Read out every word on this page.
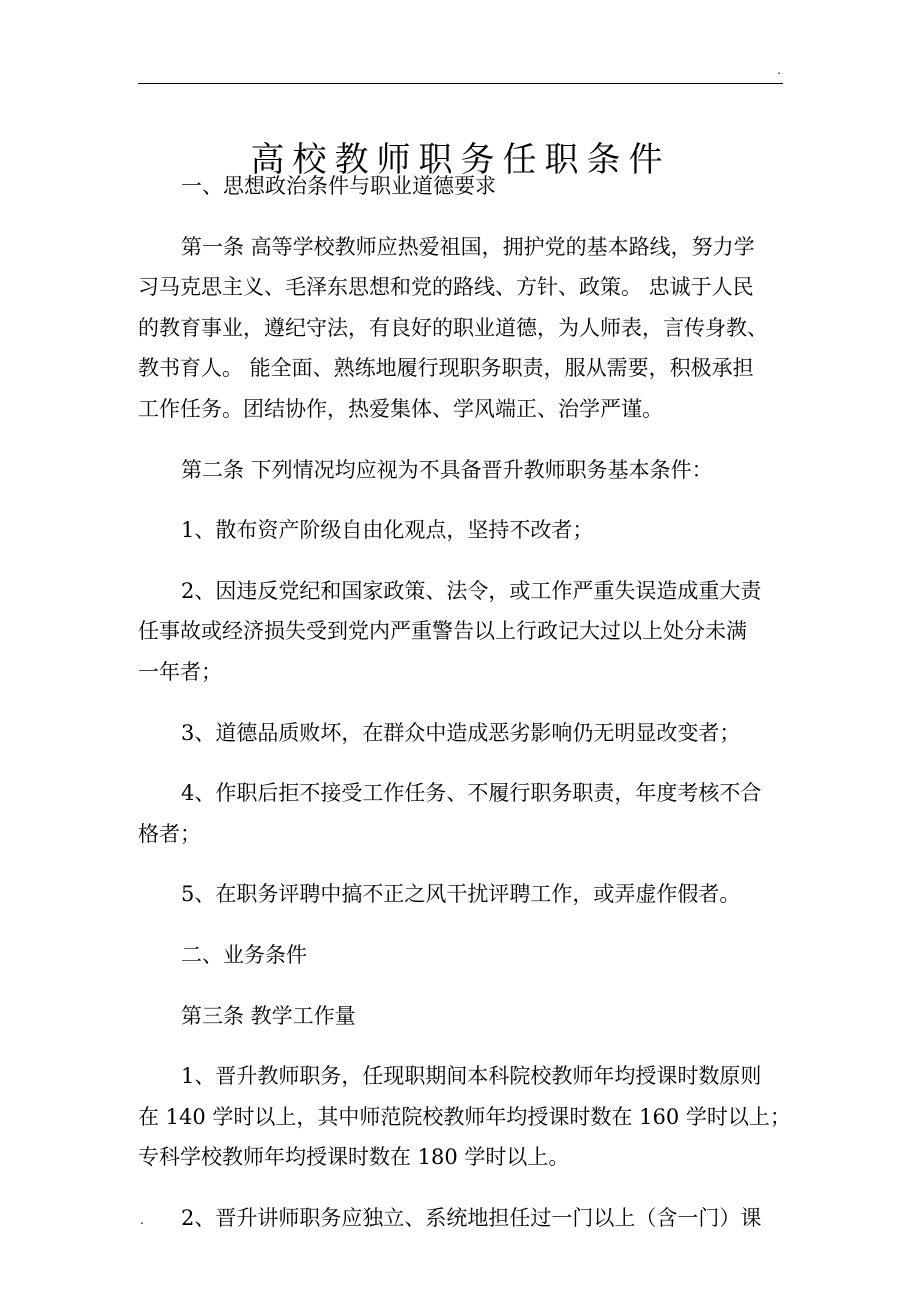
.
高校教师职务任职条件
一、思想政治条件与职业道德要求
第一条 高等学校教师应热爱祖国，拥护党的基本路线，努力学
习马克思主义、毛泽东思想和党的路线、方针、政策。 忠诚于人民
的教育事业，遵纪守法，有良好的职业道德，为人师表，言传身教、
教书育人。 能全面、熟练地履行现职务职责，服从需要，积极承担
工作任务。团结协作，热爱集体、学风端正、治学严谨。
第二条 下列情况均应视为不具备晋升教师职务基本条件：
1、散布资产阶级自由化观点，坚持不改者；
2、因违反党纪和国家政策、法令，或工作严重失误造成重大责
任事故或经济损失受到党内严重警告以上行政记大过以上处分未满
一年者；
3、道德品质败坏，在群众中造成恶劣影响仍无明显改变者；
4、作职后拒不接受工作任务、不履行职务职责，年度考核不合
格者；
5、在职务评聘中搞不正之风干扰评聘工作，或弄虚作假者。
二、业务条件
第三条 教学工作量
1、晋升教师职务，任现职期间本科院校教师年均授课时数原则
在 140 学时以上，其中师范院校教师年均授课时数在 160 学时以上；
专科学校教师年均授课时数在 180 学时以上。
2、晋升讲师职务应独立、系统地担任过一门以上（含一门）课
.
